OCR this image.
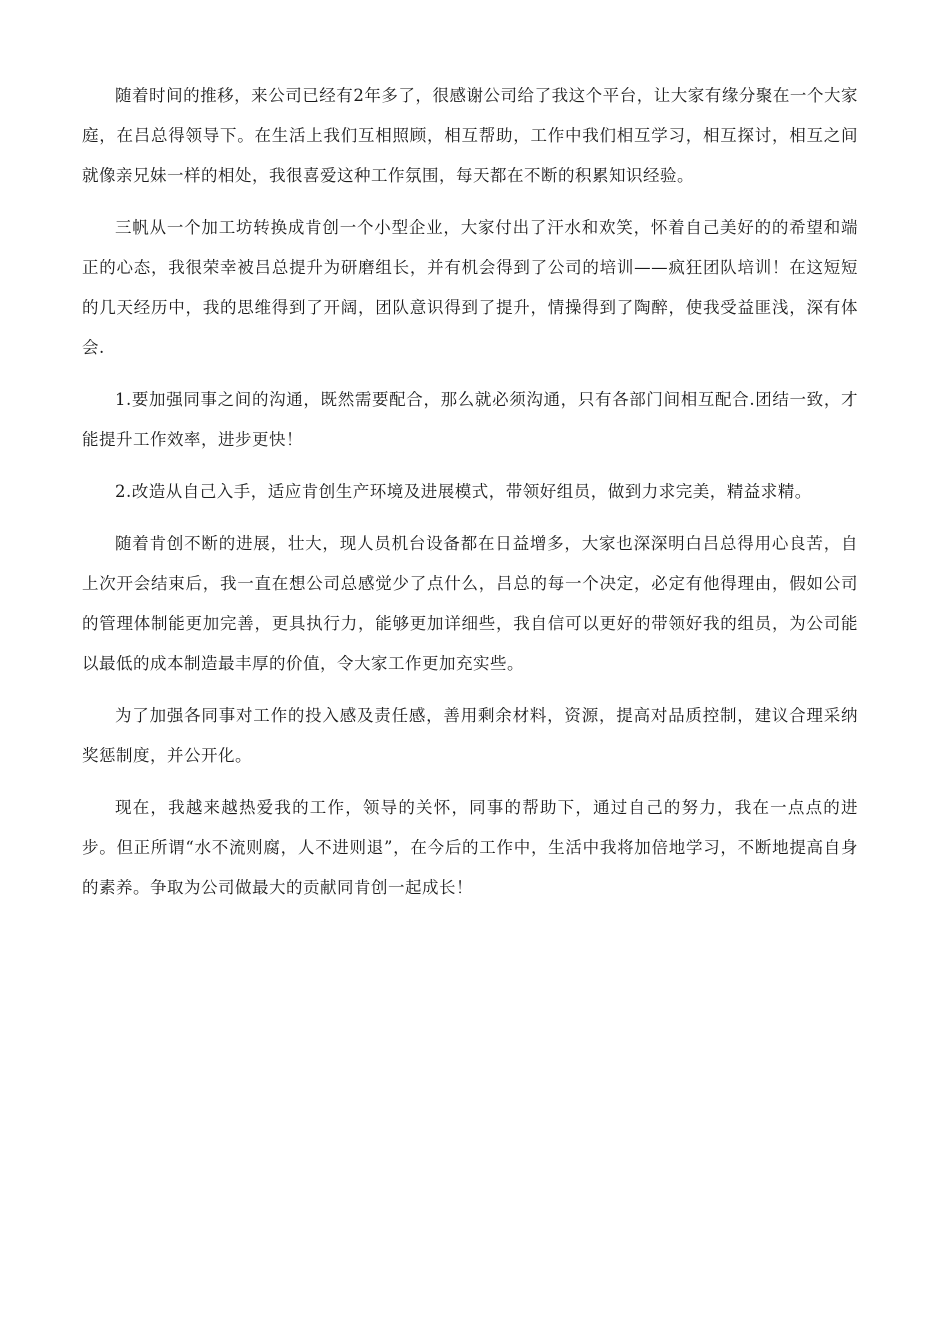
随着时间的推移，来公司已经有2年多了，很感谢公司给了我这个平台，让大家有缘分聚在一个大家庭，在吕总得领导下。在生活上我们互相照顾，相互帮助，工作中我们相互学习，相互探讨，相互之间就像亲兄妹一样的相处，我很喜爱这种工作氛围，每天都在不断的积累知识经验。

三帆从一个加工坊转换成肯创一个小型企业，大家付出了汗水和欢笑，怀着自己美好的的希望和端正的心态，我很荣幸被吕总提升为研磨组长，并有机会得到了公司的培训——疯狂团队培训！在这短短的几天经历中，我的思维得到了开阔，团队意识得到了提升，情操得到了陶醉，使我受益匪浅，深有体会.

1.要加强同事之间的沟通，既然需要配合，那么就必须沟通，只有各部门间相互配合.团结一致，才能提升工作效率，进步更快！

2.改造从自己入手，适应肯创生产环境及进展模式，带领好组员，做到力求完美，精益求精。

随着肯创不断的进展，壮大，现人员机台设备都在日益增多，大家也深深明白吕总得用心良苦，自上次开会结束后，我一直在想公司总感觉少了点什么，吕总的每一个决定，必定有他得理由，假如公司的管理体制能更加完善，更具执行力，能够更加详细些，我自信可以更好的带领好我的组员，为公司能以最低的成本制造最丰厚的价值，令大家工作更加充实些。

为了加强各同事对工作的投入感及责任感，善用剩余材料，资源，提高对品质控制，建议合理采纳奖惩制度，并公开化。

现在，我越来越热爱我的工作，领导的关怀，同事的帮助下，通过自己的努力，我在一点点的进步。但正所谓“水不流则腐，人不进则退”，在今后的工作中，生活中我将加倍地学习，不断地提高自身的素养。争取为公司做最大的贡献同肯创一起成长！
